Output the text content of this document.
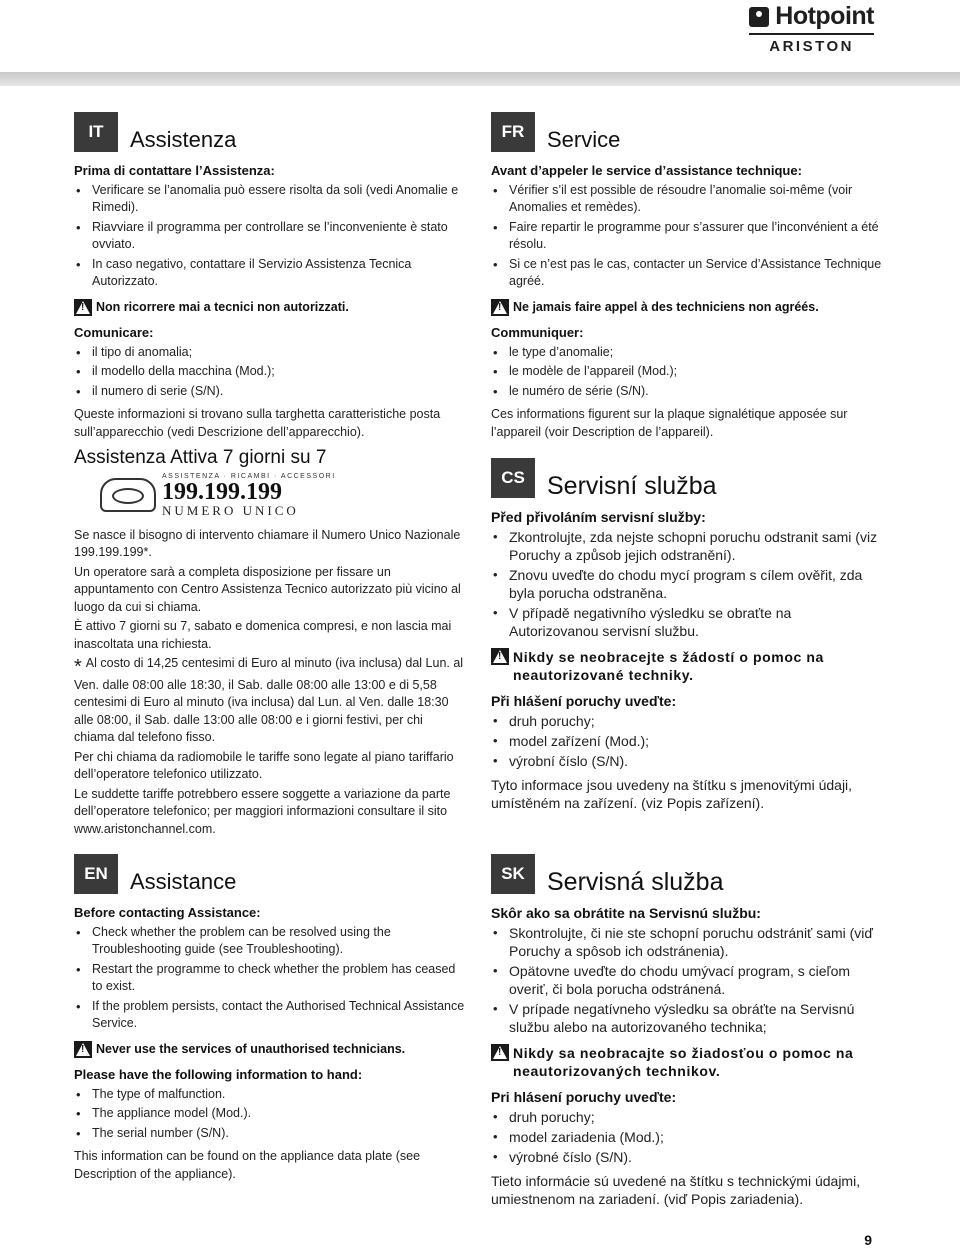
Hotpoint
ARISTON
IT	Assistenza
Prima di contattare l’Assistenza:
• Verificare se l’anomalia può essere risolta da soli (vedi Anomalie e Rimedi).
• Riavviare il programma per controllare se l’inconveniente è stato ovviato.
• In caso negativo, contattare il Servizio Assistenza Tecnica Autorizzato.
!
Non ricorrere mai a tecnici non autorizzati.
Comunicare:
• il tipo di anomalia;
• il modello della macchina (Mod.);
• il numero di serie (S/N).

Queste informazioni si trovano sulla targhetta caratteristiche posta sull’apparecchio (vedi Descrizione dell’apparecchio).

Assistenza Attiva 7 giorni su 7
ASSISTENZA · RICAMBI · ACCESSORI
199.199.199
NUMERO UNICO

Se nasce il bisogno di intervento chiamare il Numero Unico Nazionale 199.199.199*.

Un operatore sarà a completa disposizione per fissare un appuntamento con Centro Assistenza Tecnico autorizzato più vicino al luogo da cui si chiama.

È attivo 7 giorni su 7, sabato e domenica compresi, e non lascia mai inascoltata una richiesta.

* Al costo di 14,25 centesimi di Euro al minuto (iva inclusa) dal Lun. al Ven. dalle 08:00 alle 18:30, il Sab. dalle 08:00 alle 13:00 e di 5,58 centesimi di Euro al minuto (iva inclusa) dal Lun. al Ven. dalle 18:30 alle 08:00, il Sab. dalle 13:00 alle 08:00 e i giorni festivi, per chi chiama dal telefono fisso.

Per chi chiama da radiomobile le tariffe sono legate al piano tariffario dell’operatore telefonico utilizzato.

Le suddette tariffe potrebbero essere soggette a variazione da parte dell’operatore telefonico; per maggiori informazioni consultare il sito www.aristonchannel.com.

FR	Service
Avant d’appeler le service d’assistance technique:
• Vérifier s’il est possible de résoudre l’anomalie soi-même (voir Anomalies et remèdes).
• Faire repartir le programme pour s’assurer que l’inconvénient a été résolu.
• Si ce n’est pas le cas, contacter un Service d’Assistance Technique agréé.
!
Ne jamais faire appel à des techniciens non agréés.
Communiquer:
• le type d’anomalie;
• le modèle de l’appareil (Mod.);
• le numéro de série (S/N).

Ces informations figurent sur la plaque signalétique apposée sur l’appareil (voir Description de l’appareil).

CS Servisní služba
Před přivoláním servisní služby:
• Zkontrolujte, zda nejste schopni poruchu odstranit sami (viz Poruchy a způsob jejich odstranění).
• Znovu uveďte do chodu mycí program s cílem ověřit, zda byla porucha odstraněna.
• V případě negativního výsledku se obraťte na Autorizovanou servisní službu.
!
Nikdy se neobracejte s žádostí o pomoc na neautorizované techniky.
Při hlášení poruchy uveďte:
• druh poruchy;
• model zařízení (Mod.);
• výrobní číslo (S/N).

Tyto informace jsou uvedeny na štítku s jmenovitými údaji, umístěném na zařízení. (viz Popis zařízení).

EN	Assistance
Before contacting Assistance:
• Check whether the problem can be resolved using the Troubleshooting guide (see Troubleshooting).
• Restart the programme to check whether the problem has ceased to exist.
• If the problem persists, contact the Authorised Technical Assistance Service.
!
Never use the services of unauthorised technicians.
Please have the following information to hand:
• The type of malfunction.
• The appliance model (Mod.).
• The serial number (S/N).

This information can be found on the appliance data plate (see Description of the appliance).

SK Servisná služba
Skôr ako sa obrátite na Servisnú službu:
• Skontrolujte, či nie ste schopní poruchu odstrániť sami (viď Poruchy a spôsob ich odstránenia).
• Opätovne uveďte do chodu umývací program, s cieľom overiť, či bola porucha odstránená.
• V prípade negatívneho výsledku sa obráťte na Servisnú službu alebo na autorizovaného technika;
!
Nikdy sa neobracajte so žiadosťou o pomoc na neautorizovaných technikov.
Pri hlásení poruchy uveďte:
• druh poruchy;
• model zariadenia (Mod.);
• výrobné číslo (S/N).

Tieto informácie sú uvedené na štítku s technickými údajmi, umiestnenom na zariadení. (viď Popis zariadenia).

9
